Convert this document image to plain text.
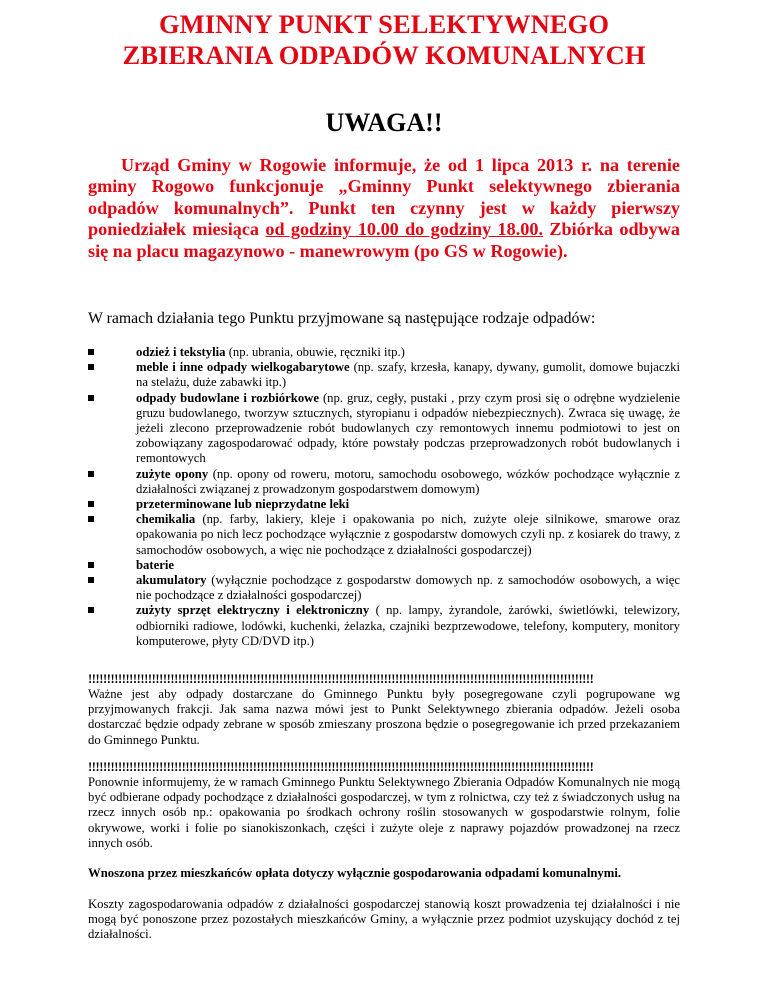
GMINNY PUNKT SELEKTYWNEGO
ZBIERANIA ODPADÓW KOMUNALNYCH
UWAGA!!

Urząd Gminy w Rogowie informuje, że od 1 lipca 2013 r. na terenie gminy Rogowo funkcjonuje „Gminny Punkt selektywnego zbierania odpadów komunalnych”. Punkt ten czynny jest w każdy pierwszy poniedziałek miesiąca od godziny 10.00 do godziny 18.00. Zbiórka odbywa się na placu magazynowo - manewrowym (po GS w Rogowie).

W ramach działania tego Punktu przyjmowane są następujące rodzaje odpadów:

odzież i tekstylia (np. ubrania, obuwie, ręczniki itp.)
meble i inne odpady wielkogabarytowe (np. szafy, krzesła, kanapy, dywany, gumolit, domowe bujaczki na stelażu, duże zabawki itp.)
odpady budowlane i rozbiórkowe (np. gruz, cegły, pustaki , przy czym prosi się o odrębne wydzielenie gruzu budowlanego, tworzyw sztucznych, styropianu i odpadów niebezpiecznych). Zwraca się uwagę, że jeżeli zlecono przeprowadzenie robót budowlanych czy remontowych innemu podmiotowi to jest on zobowiązany zagospodarować odpady, które powstały podczas przeprowadzonych robót budowlanych i remontowych
zużyte opony (np. opony od roweru, motoru, samochodu osobowego, wózków pochodzące wyłącznie z działalności związanej z prowadzonym gospodarstwem domowym)
przeterminowane lub nieprzydatne leki
chemikalia (np. farby, lakiery, kleje i opakowania po nich, zużyte oleje silnikowe, smarowe oraz opakowania po nich lecz pochodzące wyłącznie z gospodarstw domowych czyli np. z kosiarek do trawy, z samochodów osobowych, a więc nie pochodzące z działalności gospodarczej)
baterie
akumulatory (wyłącznie pochodzące z gospodarstw domowych np. z samochodów osobowych, a więc nie pochodzące z działalności gospodarczej)
zużyty sprzęt elektryczny i elektroniczny ( np. lampy, żyrandole, żarówki, świetlówki, telewizory, odbiorniki radiowe, lodówki, kuchenki, żelazka, czajniki bezprzewodowe, telefony, komputery, monitory komputerowe, płyty CD/DVD itp.)

!!!!!!!!!!!!!!!!!!!!!!!!!!!!!!!!!!!!!!!!!!!!!!!!!!!!!!!!!!!!!!!!!!!!!!!!!!!!!!!!!!!!!!!!!!!!!!!!!!!!!!!!!!!!!!!!!!!!!!!!!!!!!!!!!!!!!!!

Ważne jest aby odpady dostarczane do Gminnego Punktu były posegregowane czyli pogrupowane wg przyjmowanych frakcji. Jak sama nazwa mówi jest to Punkt Selektywnego zbierania odpadów. Jeżeli osoba dostarczać będzie odpady zebrane w sposób zmieszany proszona będzie o posegregowanie ich przed przekazaniem do Gminnego Punktu.

!!!!!!!!!!!!!!!!!!!!!!!!!!!!!!!!!!!!!!!!!!!!!!!!!!!!!!!!!!!!!!!!!!!!!!!!!!!!!!!!!!!!!!!!!!!!!!!!!!!!!!!!!!!!!!!!!!!!!!!!!!!!!!!!!!!!!!!

Ponownie informujemy, że w ramach Gminnego Punktu Selektywnego Zbierania Odpadów Komunalnych nie mogą być odbierane odpady pochodzące z działalności gospodarczej, w tym z rolnictwa, czy też z świadczonych usług na rzecz innych osób np.: opakowania po środkach ochrony roślin stosowanych w gospodarstwie rolnym, folie okrywowe, worki i folie po sianokiszonkach, części i zużyte oleje z naprawy pojazdów prowadzonej na rzecz innych osób.

Wnoszona przez mieszkańców opłata dotyczy wyłącznie gospodarowania odpadami komunalnymi.

Koszty zagospodarowania odpadów z działalności gospodarczej stanowią koszt prowadzenia tej działalności i nie mogą być ponoszone przez pozostałych mieszkańców Gminy, a wyłącznie przez podmiot uzyskujący dochód z tej działalności.
